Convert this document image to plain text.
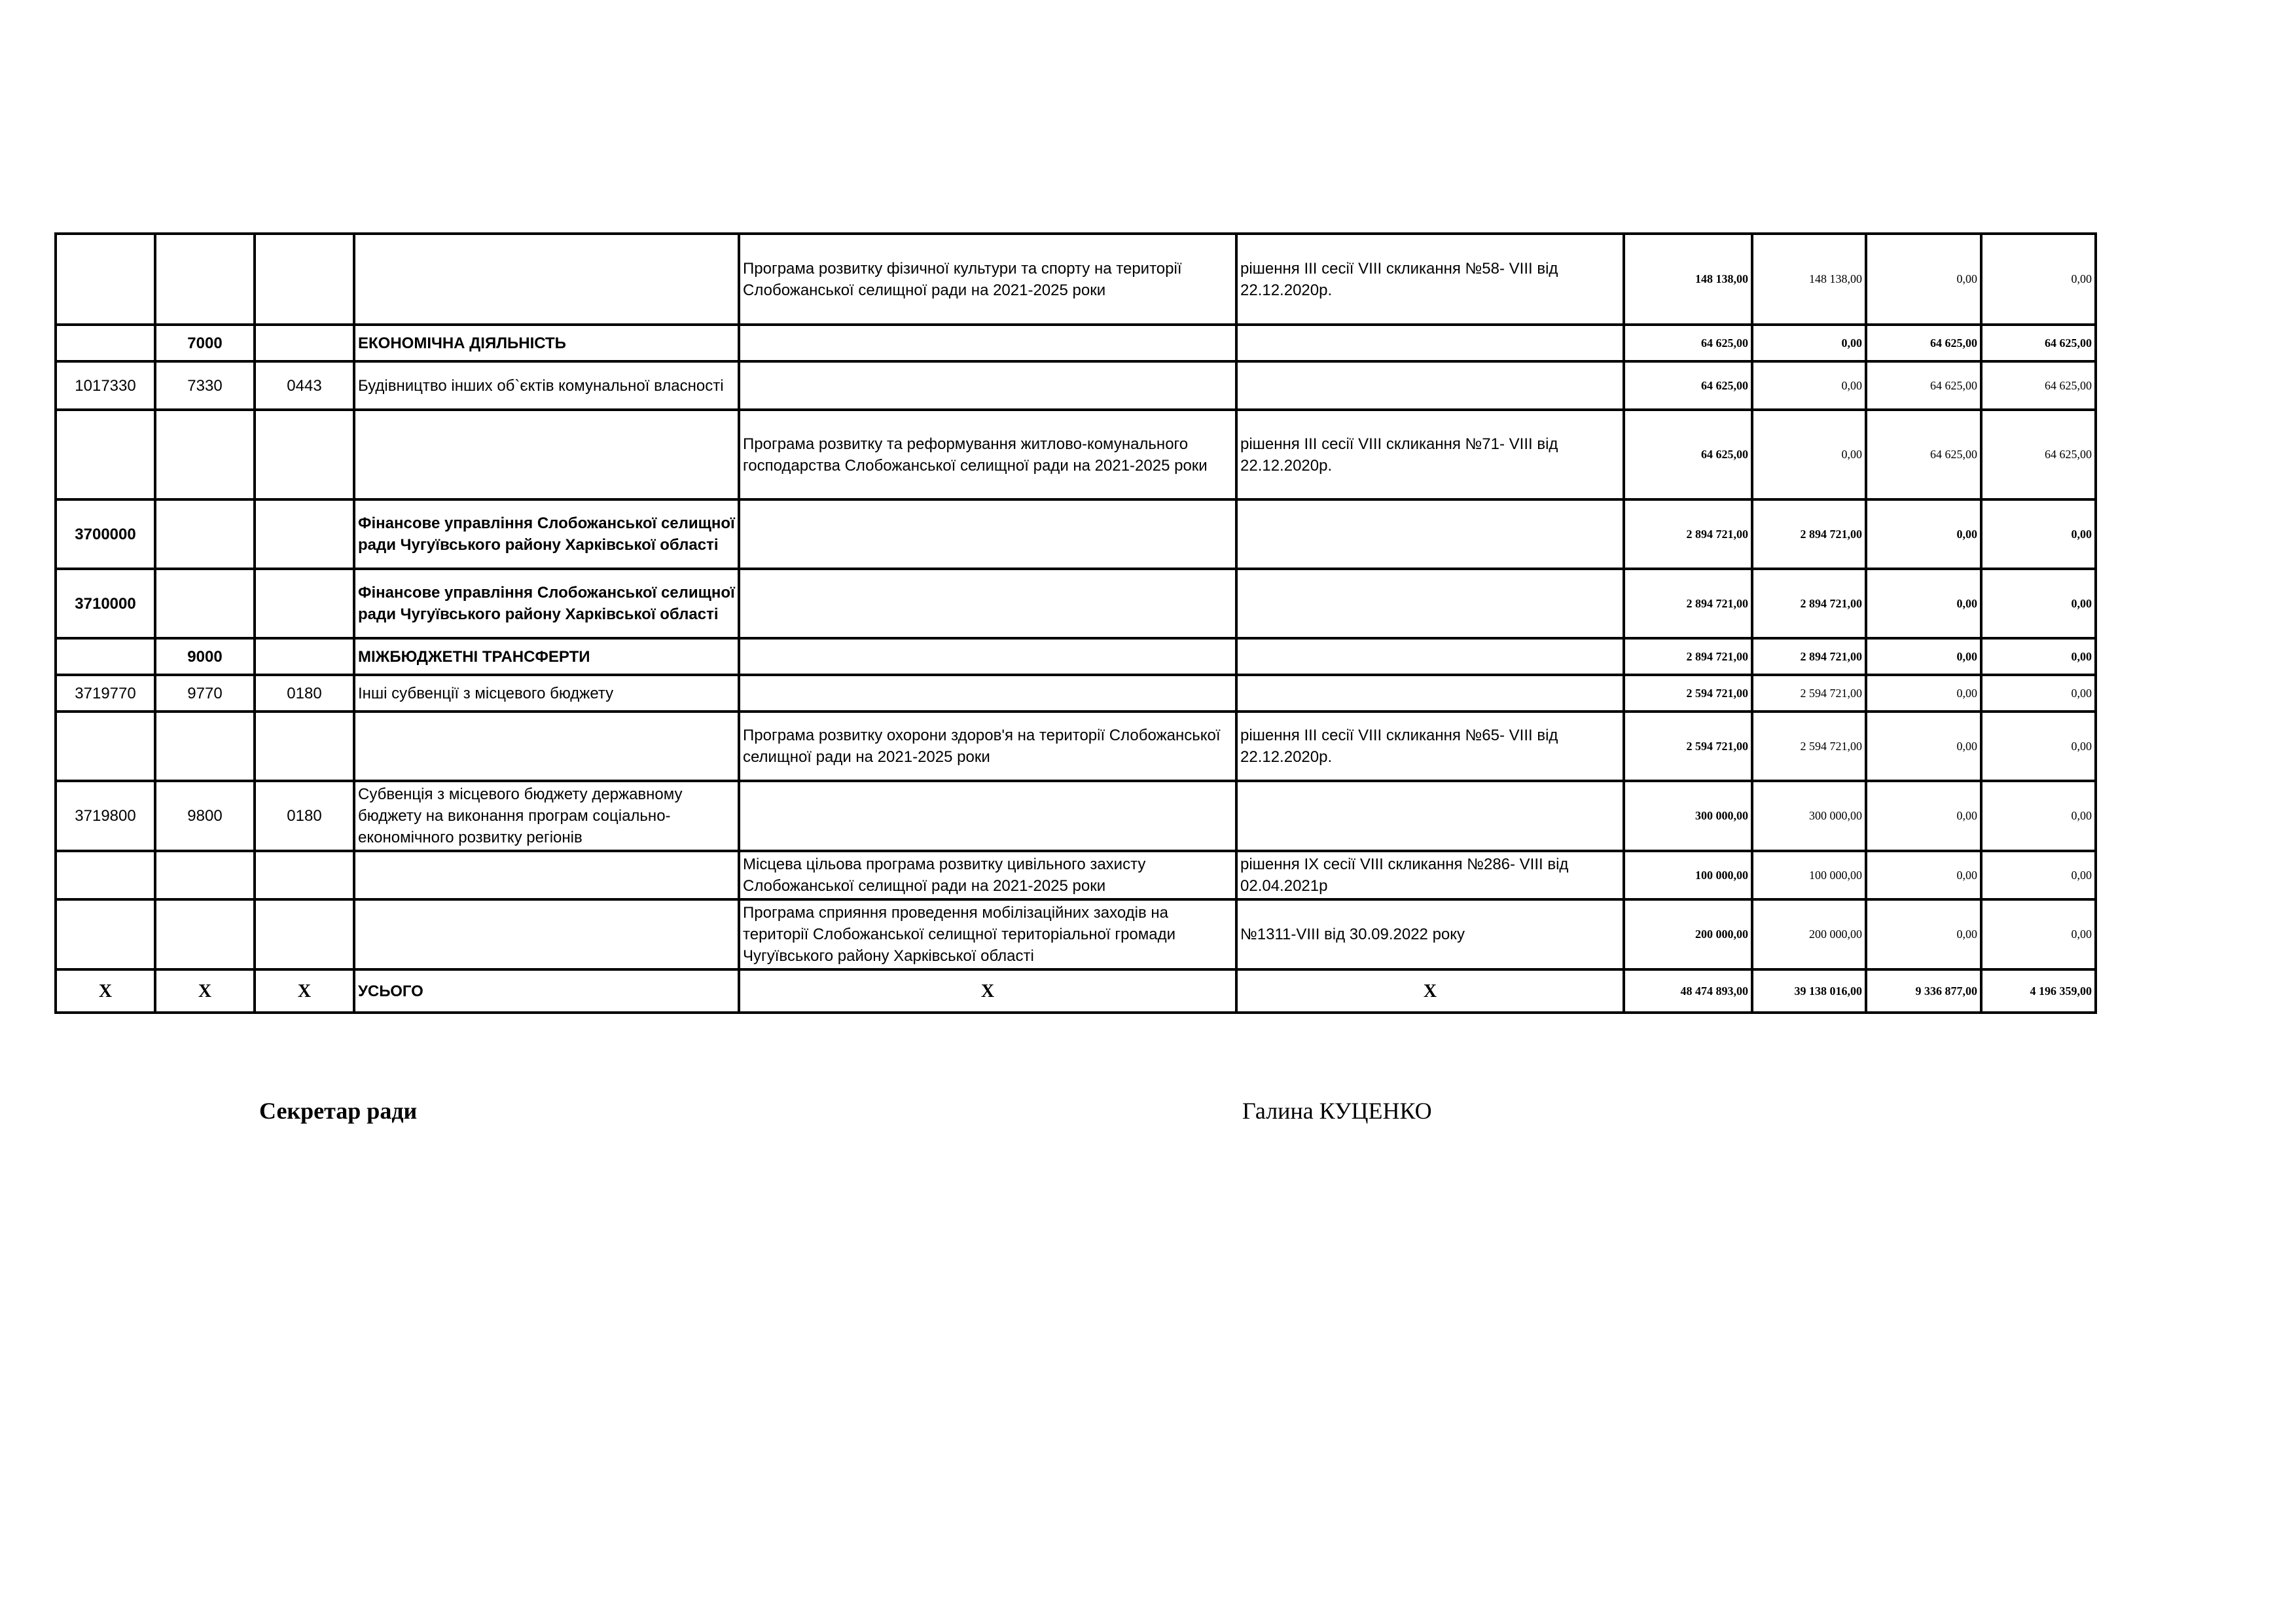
				Програма розвитку фізичної культури та спорту на території Слобожанської селищної ради на 2021-2025 роки	рішення ІІІ сесії VIII скликання №58- VIII від 22.12.2020р.	148 138,00	148 138,00	0,00	0,00
	7000		ЕКОНОМІЧНА ДІЯЛЬНІСТЬ			64 625,00	0,00	64 625,00	64 625,00
1017330	7330	0443	Будівництво інших об`єктів комунальної власності			64 625,00	0,00	64 625,00	64 625,00
				Програма розвитку та реформування житлово-комунального господарства Слобожанської селищної ради на 2021-2025 роки	рішення ІІІ сесії VIII скликання №71- VIII від 22.12.2020р.	64 625,00	0,00	64 625,00	64 625,00
3700000			Фінансове управління Слобожанської селищної ради Чугуївського району Харківської області			2 894 721,00	2 894 721,00	0,00	0,00
3710000			Фінансове управління Слобожанської селищної ради Чугуївського району Харківської області			2 894 721,00	2 894 721,00	0,00	0,00
	9000		МІЖБЮДЖЕТНІ ТРАНСФЕРТИ			2 894 721,00	2 894 721,00	0,00	0,00
3719770	9770	0180	Інші субвенції з місцевого бюджету			2 594 721,00	2 594 721,00	0,00	0,00
				Програма розвитку охорони здоров'я на території Слобожанської селищної ради на 2021-2025 роки	рішення ІІІ сесії VIII скликання №65- VIII від 22.12.2020р.	2 594 721,00	2 594 721,00	0,00	0,00
3719800	9800	0180	Субвенція з місцевого бюджету державному бюджету на виконання програм соціально-економічного розвитку регіонів			300 000,00	300 000,00	0,00	0,00
				Місцева цільова програма розвитку цивільного захисту Слобожанської селищної ради на 2021-2025 роки	рішення IX сесії VIII скликання №286- VIII від 02.04.2021р	100 000,00	100 000,00	0,00	0,00
				Програма сприяння проведення мобілізаційних заходів на території Слобожанської селищної територіальної громади Чугуївського району Харківської області	№1311-VIII від 30.09.2022 року	200 000,00	200 000,00	0,00	0,00
X	X	X	УСЬОГО	X	X	48 474 893,00	39 138 016,00	9 336 877,00	4 196 359,00
Секретар ради	Галина КУЦЕНКО
